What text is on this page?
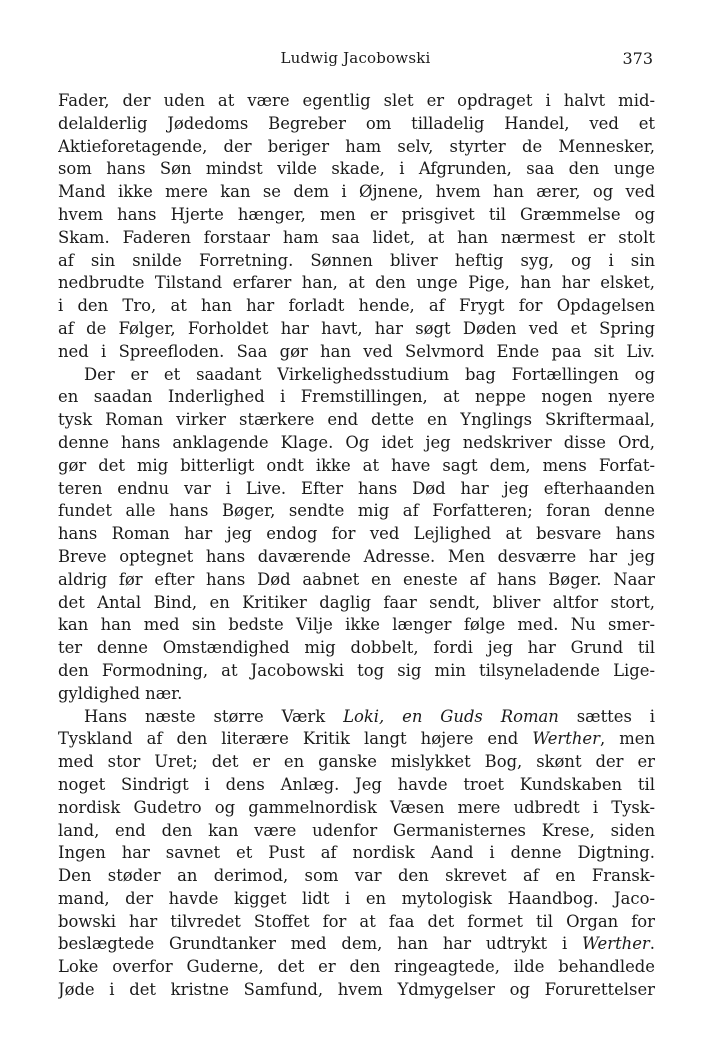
Ludwig Jacobowski	373
Fader, der uden at være egentlig slet er opdraget i halvt mid-
delalderlig Jødedoms Begreber om tilladelig Handel, ved et
Aktieforetagende, der beriger ham selv, styrter de Mennesker,
som hans Søn mindst vilde skade, i Afgrunden, saa den unge
Mand ikke mere kan se dem i Øjnene, hvem han ærer, og ved
hvem hans Hjerte hænger, men er prisgivet til Græmmelse og
Skam. Faderen forstaar ham saa lidet, at han nærmest er stolt
af sin snilde Forretning. Sønnen bliver heftig syg, og i sin
nedbrudte Tilstand erfarer han, at den unge Pige, han har elsket,
i den Tro, at han har forladt hende, af Frygt for Opdagelsen
af de Følger, Forholdet har havt, har søgt Døden ved et Spring
ned i Spreefloden. Saa gør han ved Selvmord Ende paa sit Liv.
Der er et saadant Virkelighedsstudium bag Fortællingen og
en saadan Inderlighed i Fremstillingen, at neppe nogen nyere
tysk Roman virker stærkere end dette en Ynglings Skriftermaal,
denne hans anklagende Klage. Og idet jeg nedskriver disse Ord,
gør det mig bitterligt ondt ikke at have sagt dem, mens Forfat-
teren endnu var i Live. Efter hans Død har jeg efterhaanden
fundet alle hans Bøger, sendte mig af Forfatteren; foran denne
hans Roman har jeg endog for ved Lejlighed at besvare hans
Breve optegnet hans daværende Adresse. Men desværre har jeg
aldrig før efter hans Død aabnet en eneste af hans Bøger. Naar
det Antal Bind, en Kritiker daglig faar sendt, bliver altfor stort,
kan han med sin bedste Vilje ikke længer følge med. Nu smer-
ter denne Omstændighed mig dobbelt, fordi jeg har Grund til
den Formodning, at Jacobowski tog sig min tilsyneladende Lige-
gyldighed nær.
Hans næste større Værk Loki, en Guds Roman sættes i
Tyskland af den literære Kritik langt højere end Werther, men
med stor Uret; det er en ganske mislykket Bog, skønt der er
noget Sindrigt i dens Anlæg. Jeg havde troet Kundskaben til
nordisk Gudetro og gammelnordisk Væsen mere udbredt i Tysk-
land, end den kan være udenfor Germanisternes Krese, siden
Ingen har savnet et Pust af nordisk Aand i denne Digtning.
Den støder an derimod, som var den skrevet af en Fransk-
mand, der havde kigget lidt i en mytologisk Haandbog. Jaco-
bowski har tilvredet Stoffet for at faa det formet til Organ for
beslægtede Grundtanker med dem, han har udtrykt i Werther.
Loke overfor Guderne, det er den ringeagtede, ilde behandlede
Jøde i det kristne Samfund, hvem Ydmygelser og Forurettelser
